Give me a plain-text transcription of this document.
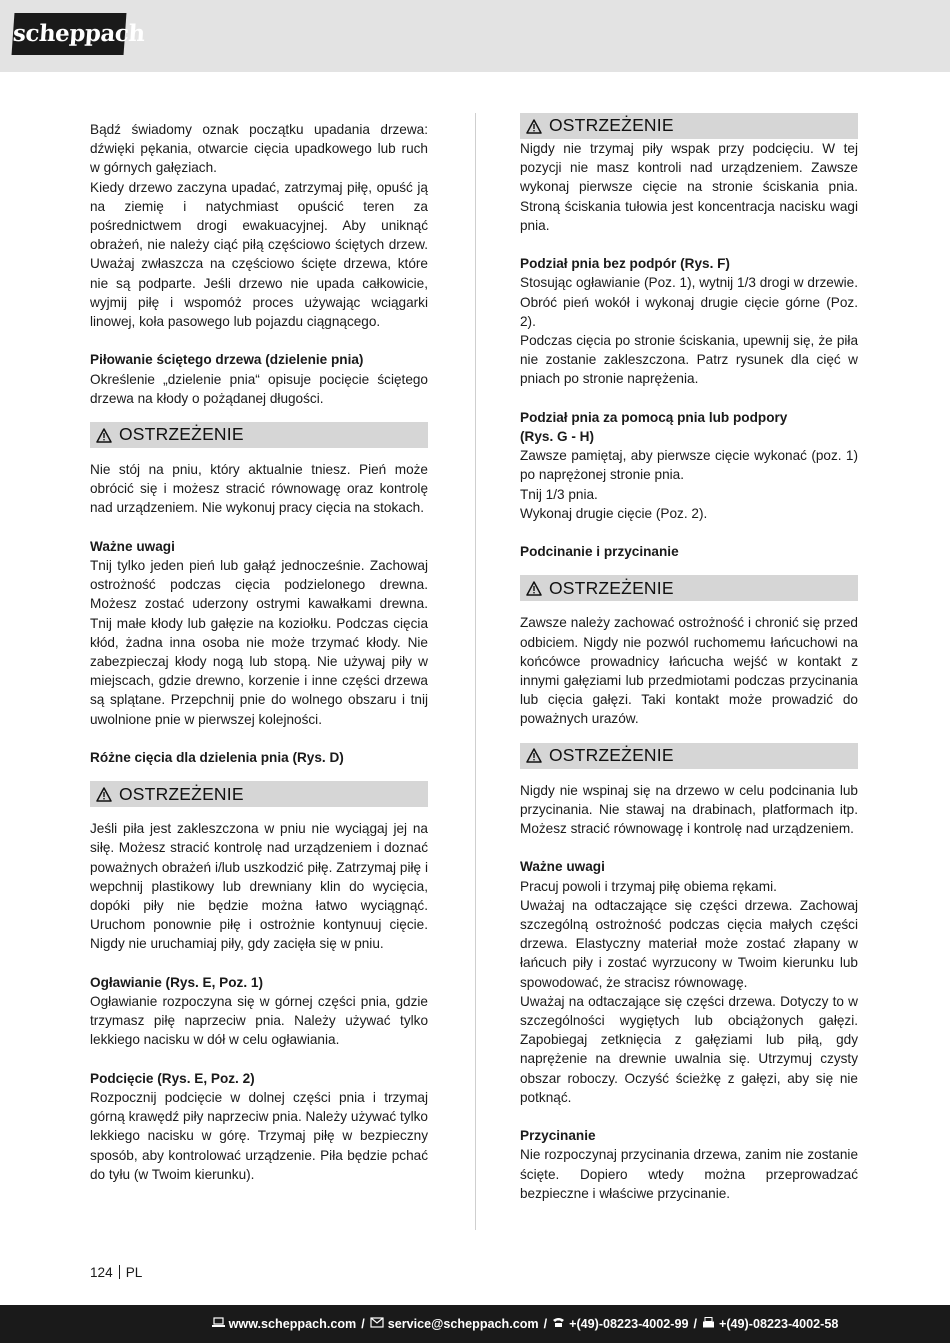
scheppach

Bądź świadomy oznak początku upadania drzewa: dźwięki pękania, otwarcie cięcia upadkowego lub ruch w górnych gałęziach.

Kiedy drzewo zaczyna upadać, zatrzymaj piłę, opuść ją na ziemię i natychmiast opuścić teren za pośrednictwem drogi ewakuacyjnej. Aby uniknąć obrażeń, nie należy ciąć piłą częściowo ściętych drzew. Uważaj zwłaszcza na częściowo ścięte drzewa, które nie są podparte. Jeśli drzewo nie upada całkowicie, wyjmij piłę i wspomóż proces używając wciągarki linowej, koła pasowego lub pojazdu ciągnącego.

Piłowanie ściętego drzewa (dzielenie pnia)

Określenie „dzielenie pnia“ opisuje pocięcie ściętego drzewa na kłody o pożądanej długości.

OSTRZEŻENIE

Nie stój na pniu, który aktualnie tniesz. Pień może obrócić się i możesz stracić równowagę oraz kontrolę nad urządzeniem. Nie wykonuj pracy cięcia na stokach.

Ważne uwagi

Tnij tylko jeden pień lub gałąź jednocześnie. Zachowaj ostrożność podczas cięcia podzielonego drewna. Możesz zostać uderzony ostrymi kawałkami drewna. Tnij małe kłody lub gałęzie na koziołku. Podczas cięcia kłód, żadna inna osoba nie może trzymać kłody. Nie zabezpieczaj kłody nogą lub stopą. Nie używaj piły w miejscach, gdzie drewno, korzenie i inne części drzewa są splątane. Przepchnij pnie do wolnego obszaru i tnij uwolnione pnie w pierwszej kolejności.

Różne cięcia dla dzielenia pnia (Rys. D)

OSTRZEŻENIE

Jeśli piła jest zakleszczona w pniu nie wyciągaj jej na siłę. Możesz stracić kontrolę nad urządzeniem i doznać poważnych obrażeń i/lub uszkodzić piłę. Zatrzymaj piłę i wepchnij plastikowy lub drewniany klin do wycięcia, dopóki piły nie będzie można łatwo wyciągnąć. Uruchom ponownie piłę i ostrożnie kontynuuj cięcie. Nigdy nie uruchamiaj piły, gdy zacięła się w pniu.

Ogławianie (Rys. E, Poz. 1)

Ogławianie rozpoczyna się w górnej części pnia, gdzie trzymasz piłę naprzeciw pnia. Należy używać tylko lekkiego nacisku w dół w celu ogławiania.

Podcięcie (Rys. E, Poz. 2)

Rozpocznij podcięcie w dolnej części pnia i trzymaj górną krawędź piły naprzeciw pnia. Należy używać tylko lekkiego nacisku w górę. Trzymaj piłę w bezpieczny sposób, aby kontrolować urządzenie. Piła będzie pchać do tyłu (w Twoim kierunku).

OSTRZEŻENIE

Nigdy nie trzymaj piły wspak przy podcięciu. W tej pozycji nie masz kontroli nad urządzeniem. Zawsze wykonaj pierwsze cięcie na stronie ściskania pnia. Stroną ściskania tułowia jest koncentracja nacisku wagi pnia.

Podział pnia bez podpór (Rys. F)

Stosując ogławianie (Poz. 1), wytnij 1/3 drogi w drzewie. Obróć pień wokół i wykonaj drugie cięcie górne (Poz. 2).

Podczas cięcia po stronie ściskania, upewnij się, że piła nie zostanie zakleszczona. Patrz rysunek dla cięć w pniach po stronie naprężenia.

Podział pnia za pomocą pnia lub podpory

(Rys. G - H)

Zawsze pamiętaj, aby pierwsze cięcie wykonać (poz. 1) po naprężonej stronie pnia.

Tnij 1/3 pnia.

Wykonaj drugie cięcie (Poz. 2).

Podcinanie i przycinanie

OSTRZEŻENIE

Zawsze należy zachować ostrożność i chronić się przed odbiciem. Nigdy nie pozwól ruchomemu łańcuchowi na końcówce prowadnicy łańcucha wejść w kontakt z innymi gałęziami lub przedmiotami podczas przycinania lub cięcia gałęzi. Taki kontakt może prowadzić do poważnych urazów.

OSTRZEŻENIE

Nigdy nie wspinaj się na drzewo w celu podcinania lub przycinania. Nie stawaj na drabinach, platformach itp. Możesz stracić równowagę i kontrolę nad urządzeniem.

Ważne uwagi

Pracuj powoli i trzymaj piłę obiema rękami.

Uważaj na odtaczające się części drzewa. Zachowaj szczególną ostrożność podczas cięcia małych części drzewa. Elastyczny materiał może zostać złapany w łańcuch piły i zostać wyrzucony w Twoim kierunku lub spowodować, że stracisz równowagę.

Uważaj na odtaczające się części drzewa. Dotyczy to w szczególności wygiętych lub obciążonych gałęzi. Zapobiegaj zetknięcia z gałęziami lub piłą, gdy naprężenie na drewnie uwalnia się. Utrzymuj czysty obszar roboczy. Oczyść ścieżkę z gałęzi, aby się nie potknąć.

Przycinanie

Nie rozpoczynaj przycinania drzewa, zanim nie zostanie ścięte. Dopiero wtedy można przeprowadzać bezpieczne i właściwe przycinanie.

124 PL
www.scheppach.com / service@scheppach.com / +(49)-08223-4002-99 / +(49)-08223-4002-58
